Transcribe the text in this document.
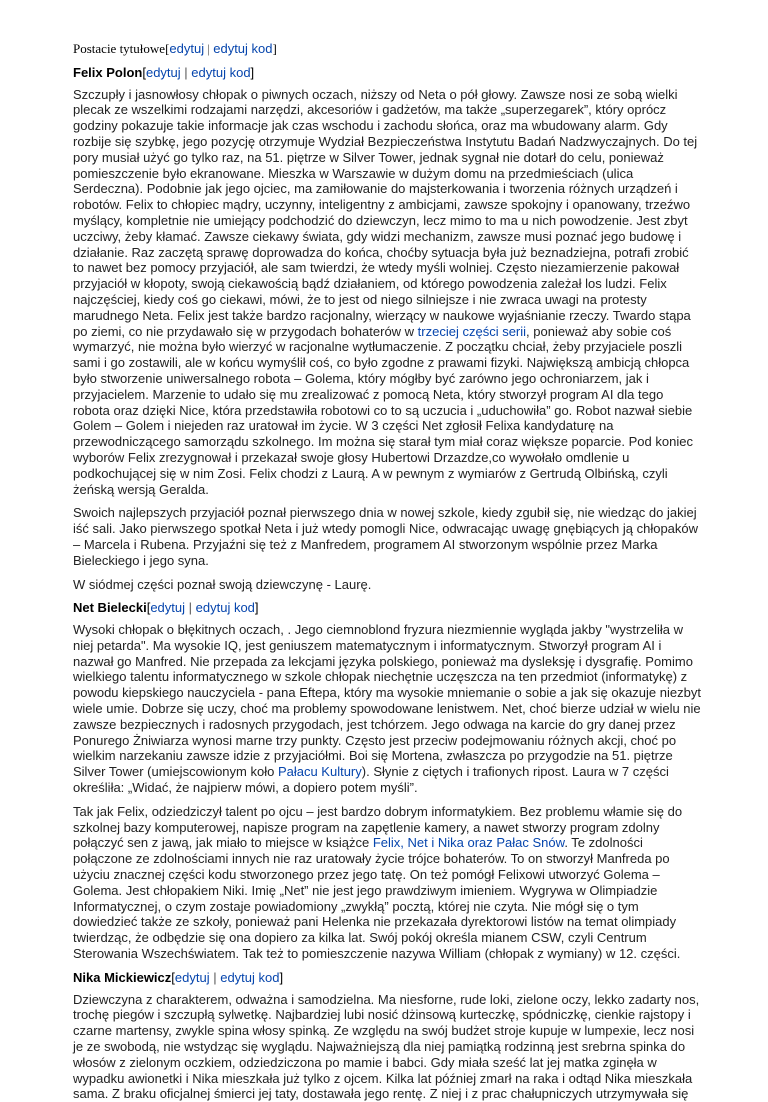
Postacie tytułowe[edytuj | edytuj kod]
Felix Polon[edytuj | edytuj kod]

Szczupły i jasnowłosy chłopak o piwnych oczach, niższy od Neta o pół głowy. Zawsze nosi ze sobą wielki plecak ze wszelkimi rodzajami narzędzi, akcesoriów i gadżetów, ma także „superzegarek”, który oprócz godziny pokazuje takie informacje jak czas wschodu i zachodu słońca, oraz ma wbudowany alarm. Gdy rozbije się szybkę, jego pozycję otrzymuje Wydział Bezpieczeństwa Instytutu Badań Nadzwyczajnych. Do tej pory musiał użyć go tylko raz, na 51. piętrze w Silver Tower, jednak sygnał nie dotarł do celu, ponieważ pomieszczenie było ekranowane. Mieszka w Warszawie w dużym domu na przedmieściach (ulica Serdeczna). Podobnie jak jego ojciec, ma zamiłowanie do majsterkowania i tworzenia różnych urządzeń i robotów. Felix to chłopiec mądry, uczynny, inteligentny z ambicjami, zawsze spokojny i opanowany, trzeźwo myślący, kompletnie nie umiejący podchodzić do dziewczyn, lecz mimo to ma u nich powodzenie. Jest zbyt uczciwy, żeby kłamać. Zawsze ciekawy świata, gdy widzi mechanizm, zawsze musi poznać jego budowę i działanie. Raz zaczętą sprawę doprowadza do końca, choćby sytuacja była już beznadziejna, potrafi zrobić to nawet bez pomocy przyjaciół, ale sam twierdzi, że wtedy myśli wolniej. Często niezamierzenie pakował przyjaciół w kłopoty, swoją ciekawością bądź działaniem, od którego powodzenia zależał los ludzi. Felix najczęściej, kiedy coś go ciekawi, mówi, że to jest od niego silniejsze i nie zwraca uwagi na protesty marudnego Neta. Felix jest także bardzo racjonalny, wierzący w naukowe wyjaśnianie rzeczy. Twardo stąpa po ziemi, co nie przydawało się w przygodach bohaterów w trzeciej części serii, ponieważ aby sobie coś wymarzyć, nie można było wierzyć w racjonalne wytłumaczenie. Z początku chciał, żeby przyjaciele poszli sami i go zostawili, ale w końcu wymyślił coś, co było zgodne z prawami fizyki. Największą ambicją chłopca było stworzenie uniwersalnego robota – Golema, który mógłby być zarówno jego ochroniarzem, jak i przyjacielem. Marzenie to udało się mu zrealizować z pomocą Neta, który stworzył program AI dla tego robota oraz dzięki Nice, która przedstawiła robotowi co to są uczucia i „uduchowiła” go. Robot nazwał siebie Golem – Golem i niejeden raz uratował im życie. W 3 części Net zgłosił Felixa kandydaturę na przewodniczącego samorządu szkolnego. Im można się starał tym miał coraz większe poparcie. Pod koniec wyborów Felix zrezygnował i przekazał swoje głosy Hubertowi Drzazdze,co wywołało omdlenie u podkochującej się w nim Zosi. Felix chodzi z Laurą. A w pewnym z wymiarów z Gertrudą Olbińską, czyli żeńską wersją Geralda.

Swoich najlepszych przyjaciół poznał pierwszego dnia w nowej szkole, kiedy zgubił się, nie wiedząc do jakiej iść sali. Jako pierwszego spotkał Neta i już wtedy pomogli Nice, odwracając uwagę gnębiących ją chłopaków – Marcela i Rubena. Przyjaźni się też z Manfredem, programem AI stworzonym wspólnie przez Marka Bieleckiego i jego syna.

W siódmej części poznał swoją dziewczynę - Laurę.

Net Bielecki[edytuj | edytuj kod]

Wysoki chłopak o błękitnych oczach, . Jego ciemnoblond fryzura niezmiennie wygląda jakby "wystrzeliła w niej petarda". Ma wysokie IQ, jest geniuszem matematycznym i informatycznym. Stworzył program AI i nazwał go Manfred. Nie przepada za lekcjami języka polskiego, ponieważ ma dysleksję i dysgrafię. Pomimo wielkiego talentu informatycznego w szkole chłopak niechętnie uczęszcza na ten przedmiot (informatykę) z powodu kiepskiego nauczyciela - pana Eftepa, który ma wysokie mniemanie o sobie a jak się okazuje niezbyt wiele umie. Dobrze się uczy, choć ma problemy spowodowane lenistwem. Net, choć bierze udział w wielu nie zawsze bezpiecznych i radosnych przygodach, jest tchórzem. Jego odwaga na karcie do gry danej przez Ponurego Żniwiarza wynosi marne trzy punkty. Często jest przeciw podejmowaniu różnych akcji, choć po wielkim narzekaniu zawsze idzie z przyjaciółmi. Boi się Mortena, zwłaszcza po przygodzie na 51. piętrze Silver Tower (umiejscowionym koło Pałacu Kultury). Słynie z ciętych i trafionych ripost. Laura w 7 części określiła: „Widać, że najpierw mówi, a dopiero potem myśli”.

Tak jak Felix, odziedziczył talent po ojcu – jest bardzo dobrym informatykiem. Bez problemu włamie się do szkolnej bazy komputerowej, napisze program na zapętlenie kamery, a nawet stworzy program zdolny połączyć sen z jawą, jak miało to miejsce w książce Felix, Net i Nika oraz Pałac Snów. Te zdolności połączone ze zdolnościami innych nie raz uratowały życie trójce bohaterów. To on stworzył Manfreda po użyciu znacznej części kodu stworzonego przez jego tatę. On też pomógł Felixowi utworzyć Golema – Golema. Jest chłopakiem Niki. Imię „Net” nie jest jego prawdziwym imieniem. Wygrywa w Olimpiadzie Informatycznej, o czym zostaje powiadomiony „zwykłą” pocztą, której nie czyta. Nie mógł się o tym dowiedzieć także ze szkoły, ponieważ pani Helenka nie przekazała dyrektorowi listów na temat olimpiady twierdząc, że odbędzie się ona dopiero za kilka lat. Swój pokój określa mianem CSW, czyli Centrum Sterowania Wszechświatem. Tak też to pomieszczenie nazywa William (chłopak z wymiany) w 12. części.

Nika Mickiewicz[edytuj | edytuj kod]

Dziewczyna z charakterem, odważna i samodzielna. Ma niesforne, rude loki, zielone oczy, lekko zadarty nos, trochę piegów i szczupłą sylwetkę. Najbardziej lubi nosić dżinsową kurteczkę, spódniczkę, cienkie rajstopy i czarne martensy, zwykle spina włosy spinką. Ze względu na swój budżet stroje kupuje w lumpexie, lecz nosi je ze swobodą, nie wstydząc się wyglądu. Najważniejszą dla niej pamiątką rodzinną jest srebrna spinka do włosów z zielonym oczkiem, odziedziczona po mamie i babci. Gdy miała sześć lat jej matka zginęła w wypadku awionetki i Nika mieszkała już tylko z ojcem. Kilka lat później zmarł na raka i odtąd Nika mieszkała sama. Z braku oficjalnej śmierci jej taty, dostawała jego rentę. Z niej i z prac chałupniczych utrzymywała się
